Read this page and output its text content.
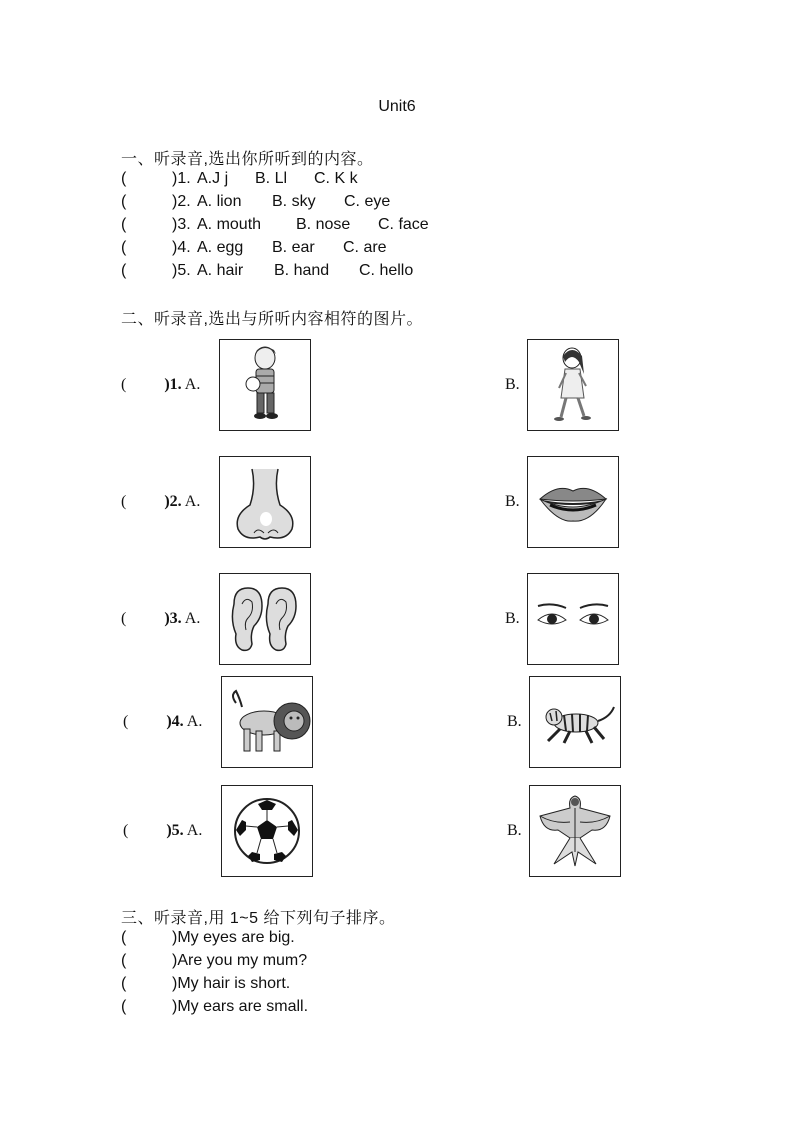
Unit6
一、听录音,选出你所听到的内容。
(	)1. A.J j B. Ll C. K k
(	)2. A. lion B. sky C. eye
(	)3. A. mouth B. nose C. face
(	)4. A. egg B. ear C. are
(	)5. A. hair B. hand C. hello
二、听录音,选出与所听内容相符的图片。
( )1. A.	B.
( )2. A.	B.
( )3. A.	B.
( )4. A.	B.
( )5. A.	B.
三、听录音,用 1~5 给下列句子排序。
(	)My eyes are big.
(	)Are you my mum?
(	)My hair is short.
(	)My ears are small.
